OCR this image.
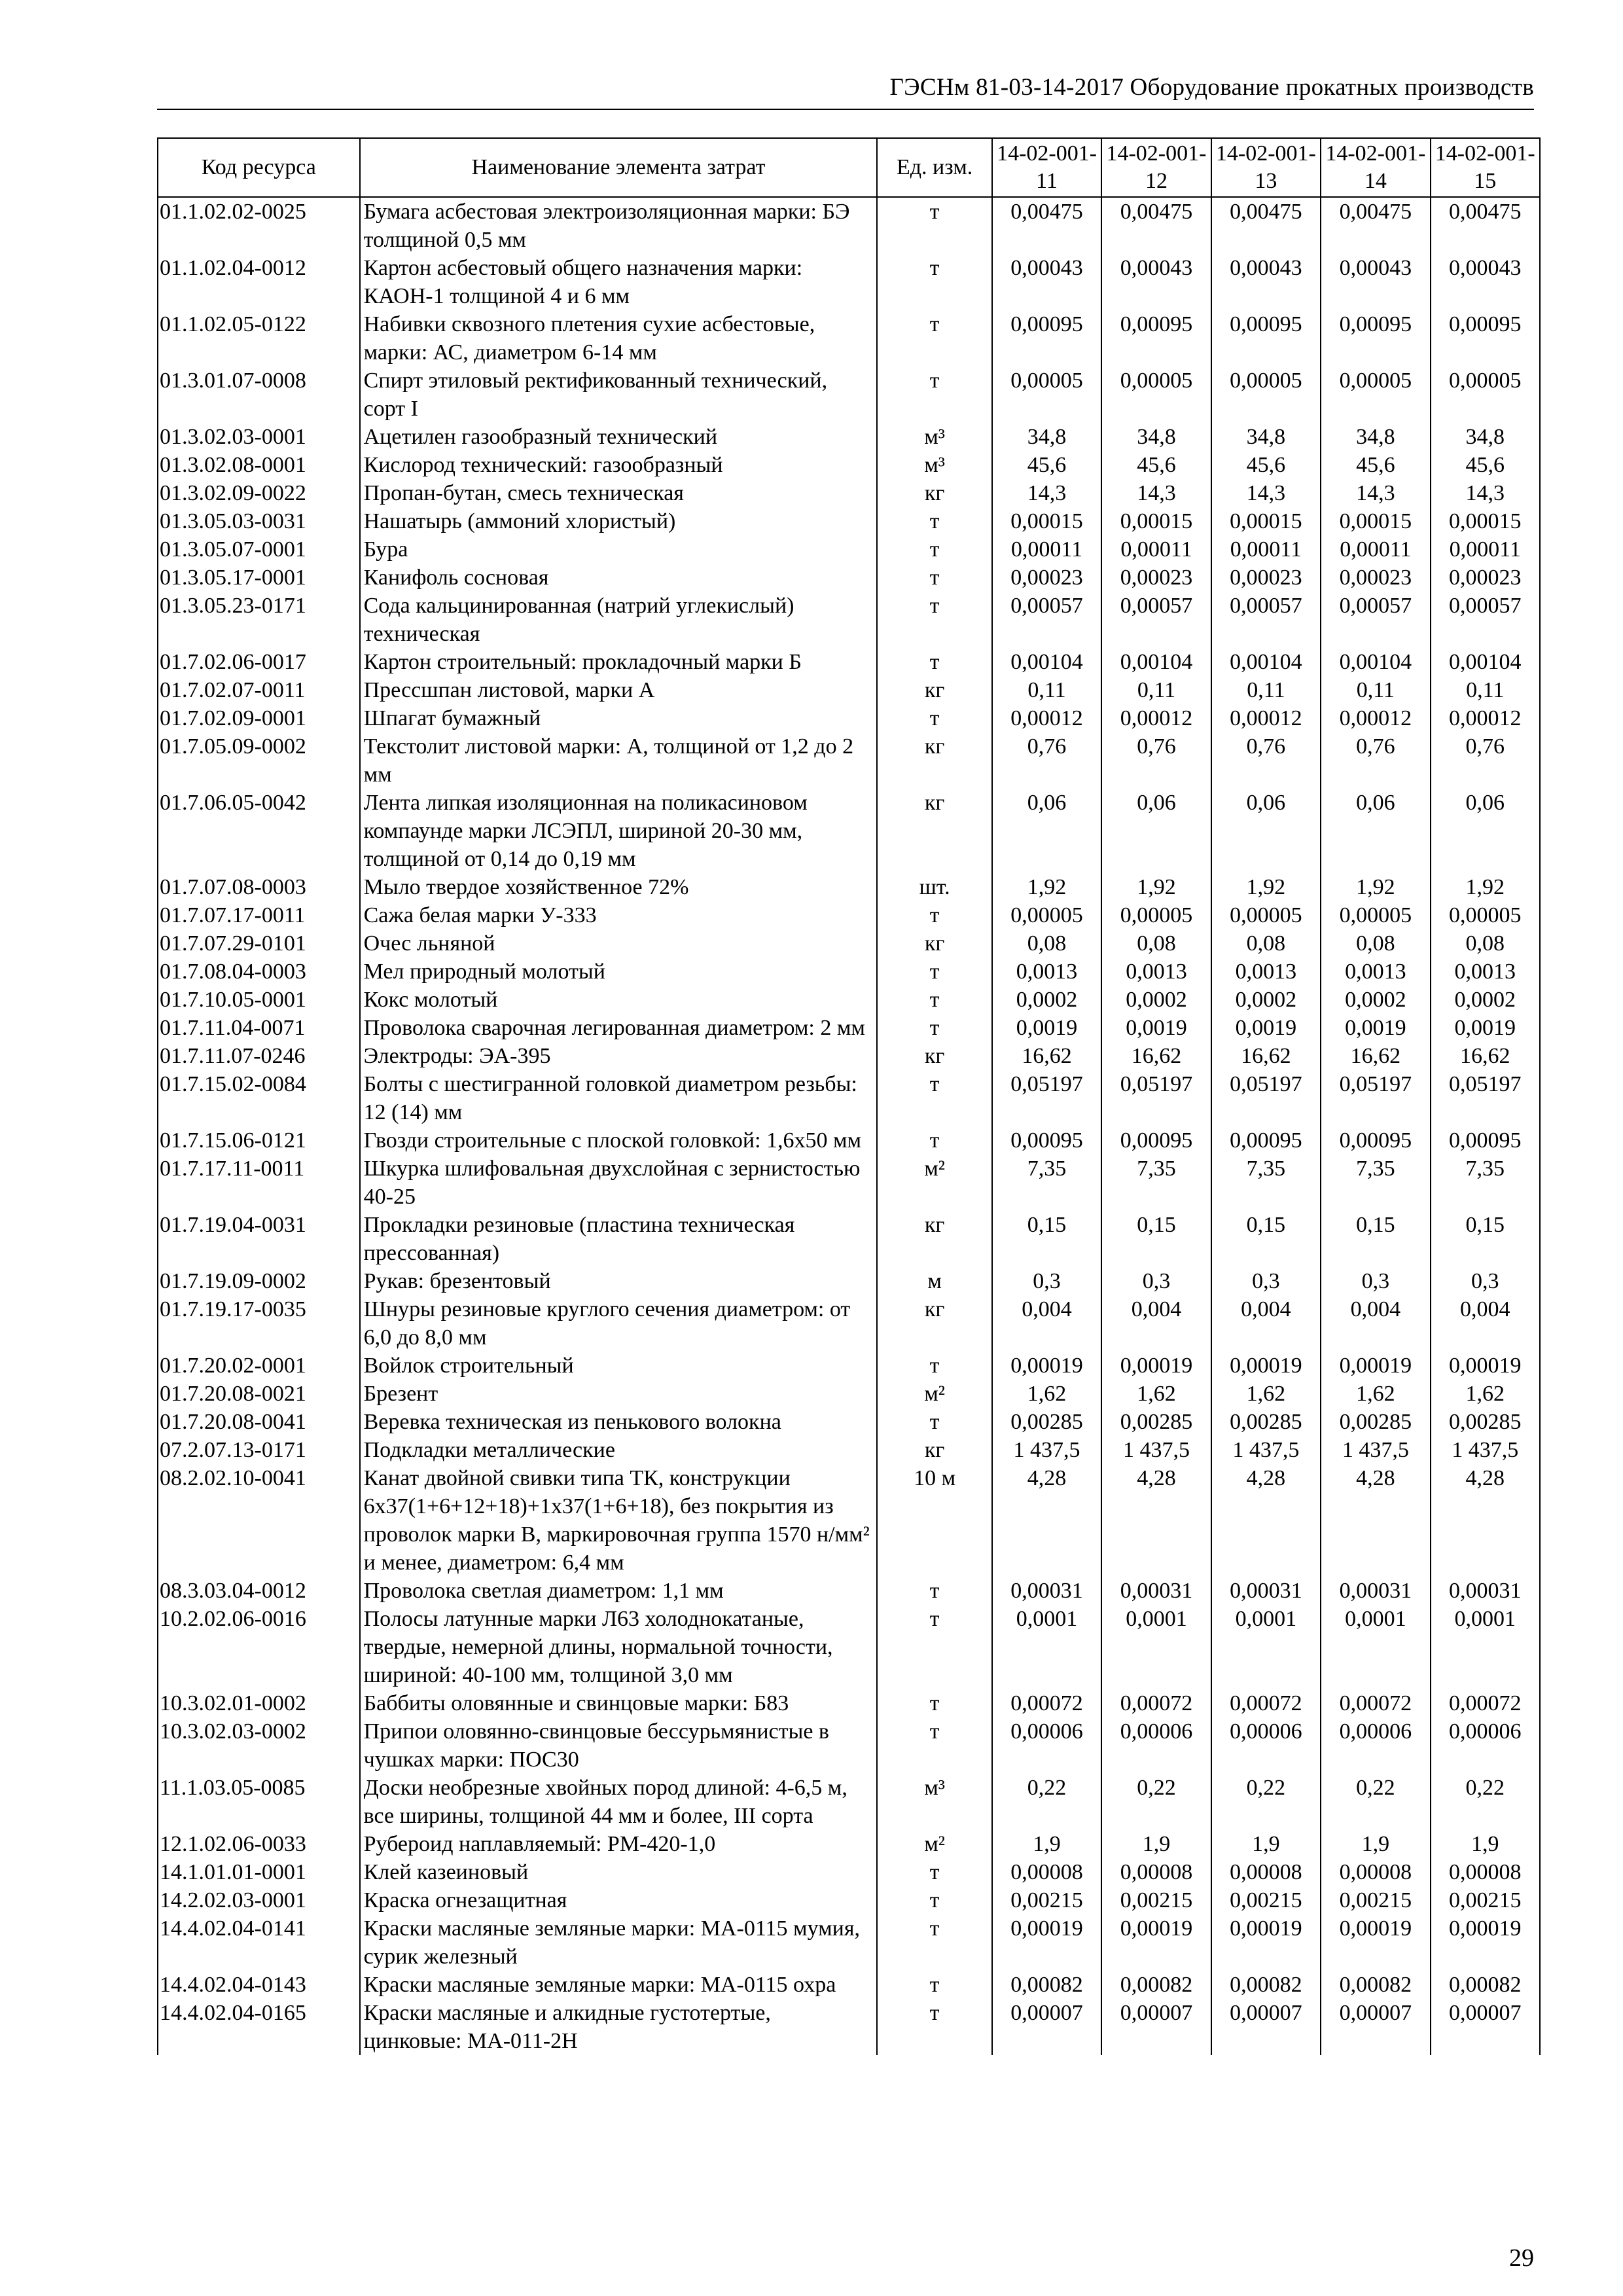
ГЭСНм 81-03-14-2017 Оборудование прокатных производств
Код ресурса	Наименование элемента затрат	Ед. изм.	14-02-001-11	14-02-001-12	14-02-001-13	14-02-001-14	14-02-001-15
01.1.02.02-0025	Бумага асбестовая электроизоляционная марки: БЭ толщиной 0,5 мм	т	0,00475	0,00475	0,00475	0,00475	0,00475
01.1.02.04-0012	Картон асбестовый общего назначения марки: КАОН-1 толщиной 4 и 6 мм	т	0,00043	0,00043	0,00043	0,00043	0,00043
01.1.02.05-0122	Набивки сквозного плетения сухие асбестовые, марки: АС, диаметром 6-14 мм	т	0,00095	0,00095	0,00095	0,00095	0,00095
01.3.01.07-0008	Спирт этиловый ректификованный технический, сорт I	т	0,00005	0,00005	0,00005	0,00005	0,00005
01.3.02.03-0001	Ацетилен газообразный технический	м³	34,8	34,8	34,8	34,8	34,8
01.3.02.08-0001	Кислород технический: газообразный	м³	45,6	45,6	45,6	45,6	45,6
01.3.02.09-0022	Пропан-бутан, смесь техническая	кг	14,3	14,3	14,3	14,3	14,3
01.3.05.03-0031	Нашатырь (аммоний хлористый)	т	0,00015	0,00015	0,00015	0,00015	0,00015
01.3.05.07-0001	Бура	т	0,00011	0,00011	0,00011	0,00011	0,00011
01.3.05.17-0001	Канифоль сосновая	т	0,00023	0,00023	0,00023	0,00023	0,00023
01.3.05.23-0171	Сода кальцинированная (натрий углекислый) техническая	т	0,00057	0,00057	0,00057	0,00057	0,00057
01.7.02.06-0017	Картон строительный: прокладочный марки Б	т	0,00104	0,00104	0,00104	0,00104	0,00104
01.7.02.07-0011	Прессшпан листовой, марки А	кг	0,11	0,11	0,11	0,11	0,11
01.7.02.09-0001	Шпагат бумажный	т	0,00012	0,00012	0,00012	0,00012	0,00012
01.7.05.09-0002	Текстолит листовой марки: А, толщиной от 1,2 до 2 мм	кг	0,76	0,76	0,76	0,76	0,76
01.7.06.05-0042	Лента липкая изоляционная на поликасиновом компаунде марки ЛСЭПЛ, шириной 20-30 мм, толщиной от 0,14 до 0,19 мм	кг	0,06	0,06	0,06	0,06	0,06
01.7.07.08-0003	Мыло твердое хозяйственное 72%	шт.	1,92	1,92	1,92	1,92	1,92
01.7.07.17-0011	Сажа белая марки У-333	т	0,00005	0,00005	0,00005	0,00005	0,00005
01.7.07.29-0101	Очес льняной	кг	0,08	0,08	0,08	0,08	0,08
01.7.08.04-0003	Мел природный молотый	т	0,0013	0,0013	0,0013	0,0013	0,0013
01.7.10.05-0001	Кокс молотый	т	0,0002	0,0002	0,0002	0,0002	0,0002
01.7.11.04-0071	Проволока сварочная легированная диаметром: 2 мм	т	0,0019	0,0019	0,0019	0,0019	0,0019
01.7.11.07-0246	Электроды: ЭА-395	кг	16,62	16,62	16,62	16,62	16,62
01.7.15.02-0084	Болты с шестигранной головкой диаметром резьбы: 12 (14) мм	т	0,05197	0,05197	0,05197	0,05197	0,05197
01.7.15.06-0121	Гвозди строительные с плоской головкой: 1,6x50 мм	т	0,00095	0,00095	0,00095	0,00095	0,00095
01.7.17.11-0011	Шкурка шлифовальная двухслойная с зернистостью 40-25	м²	7,35	7,35	7,35	7,35	7,35
01.7.19.04-0031	Прокладки резиновые (пластина техническая прессованная)	кг	0,15	0,15	0,15	0,15	0,15
01.7.19.09-0002	Рукав: брезентовый	м	0,3	0,3	0,3	0,3	0,3
01.7.19.17-0035	Шнуры резиновые круглого сечения диаметром: от 6,0 до 8,0 мм	кг	0,004	0,004	0,004	0,004	0,004
01.7.20.02-0001	Войлок строительный	т	0,00019	0,00019	0,00019	0,00019	0,00019
01.7.20.08-0021	Брезент	м²	1,62	1,62	1,62	1,62	1,62
01.7.20.08-0041	Веревка техническая из пенькового волокна	т	0,00285	0,00285	0,00285	0,00285	0,00285
07.2.07.13-0171	Подкладки металлические	кг	1 437,5	1 437,5	1 437,5	1 437,5	1 437,5
08.2.02.10-0041	Канат двойной свивки типа ТК, конструкции 6х37(1+6+12+18)+1х37(1+6+18), без покрытия из проволок марки В, маркировочная группа 1570 н/мм² и менее, диаметром: 6,4 мм	10 м	4,28	4,28	4,28	4,28	4,28
08.3.03.04-0012	Проволока светлая диаметром: 1,1 мм	т	0,00031	0,00031	0,00031	0,00031	0,00031
10.2.02.06-0016	Полосы латунные марки Л63 холоднокатаные, твердые, немерной длины, нормальной точности, шириной: 40-100 мм, толщиной 3,0 мм	т	0,0001	0,0001	0,0001	0,0001	0,0001
10.3.02.01-0002	Баббиты оловянные и свинцовые марки: Б83	т	0,00072	0,00072	0,00072	0,00072	0,00072
10.3.02.03-0002	Припои оловянно-свинцовые бессурьмянистые в чушках марки: ПОС30	т	0,00006	0,00006	0,00006	0,00006	0,00006
11.1.03.05-0085	Доски необрезные хвойных пород длиной: 4-6,5 м, все ширины, толщиной 44 мм и более, III сорта	м³	0,22	0,22	0,22	0,22	0,22
12.1.02.06-0033	Рубероид наплавляемый: РМ-420-1,0	м²	1,9	1,9	1,9	1,9	1,9
14.1.01.01-0001	Клей казеиновый	т	0,00008	0,00008	0,00008	0,00008	0,00008
14.2.02.03-0001	Краска огнезащитная	т	0,00215	0,00215	0,00215	0,00215	0,00215
14.4.02.04-0141	Краски масляные земляные марки: МА-0115 мумия, сурик железный	т	0,00019	0,00019	0,00019	0,00019	0,00019
14.4.02.04-0143	Краски масляные земляные марки: МА-0115 охра	т	0,00082	0,00082	0,00082	0,00082	0,00082
14.4.02.04-0165	Краски масляные и алкидные густотертые, цинковые: МА-011-2Н	т	0,00007	0,00007	0,00007	0,00007	0,00007
29
